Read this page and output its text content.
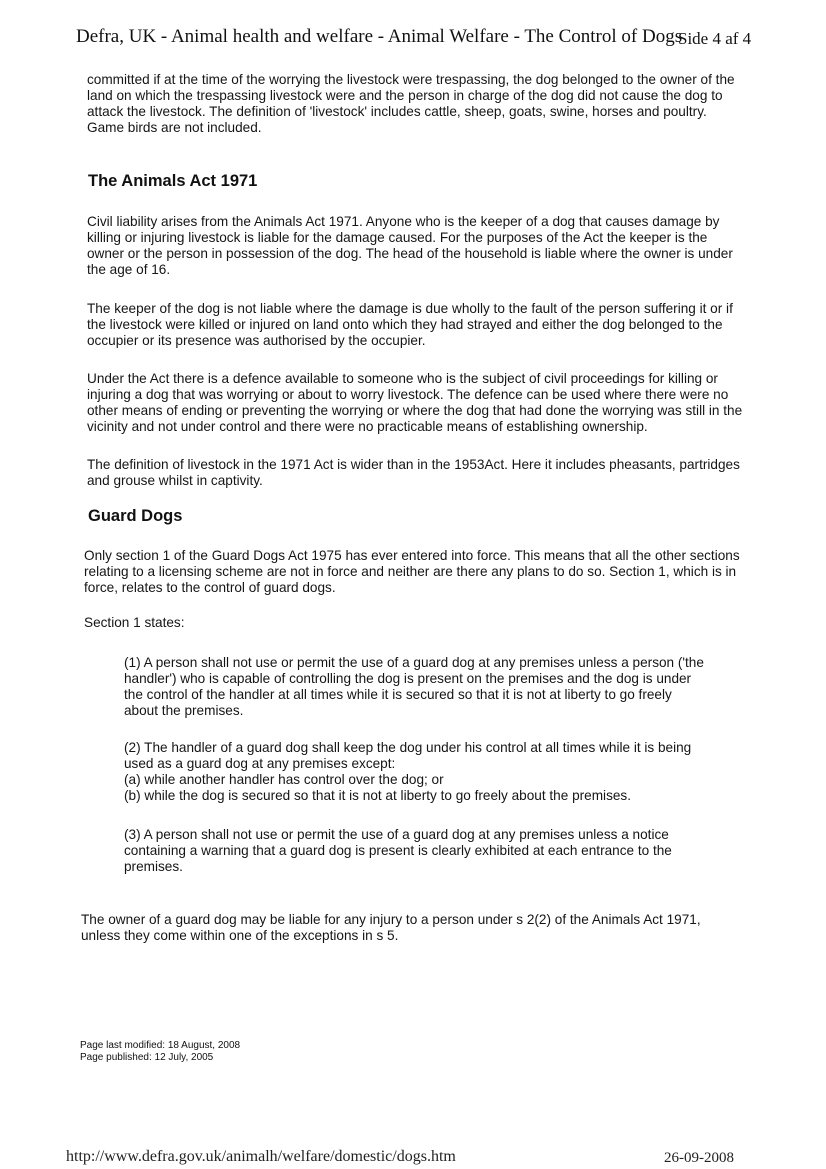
Defra, UK - Animal health and welfare - Animal Welfare - The Control of Dogs
Side 4 af 4

committed if at the time of the worrying the livestock were trespassing, the dog belonged to the owner of the land on which the trespassing livestock were and the person in charge of the dog did not cause the dog to attack the livestock. The definition of 'livestock' includes cattle, sheep, goats, swine, horses and poultry. Game birds are not included.

The Animals Act 1971

Civil liability arises from the Animals Act 1971. Anyone who is the keeper of a dog that causes damage by killing or injuring livestock is liable for the damage caused. For the purposes of the Act the keeper is the owner or the person in possession of the dog. The head of the household is liable where the owner is under the age of 16.

The keeper of the dog is not liable where the damage is due wholly to the fault of the person suffering it or if the livestock were killed or injured on land onto which they had strayed and either the dog belonged to the occupier or its presence was authorised by the occupier.

Under the Act there is a defence available to someone who is the subject of civil proceedings for killing or injuring a dog that was worrying or about to worry livestock. The defence can be used where there were no other means of ending or preventing the worrying or where the dog that had done the worrying was still in the vicinity and not under control and there were no practicable means of establishing ownership.

The definition of livestock in the 1971 Act is wider than in the 1953Act. Here it includes pheasants, partridges and grouse whilst in captivity.

Guard Dogs

Only section 1 of the Guard Dogs Act 1975 has ever entered into force. This means that all the other sections relating to a licensing scheme are not in force and neither are there any plans to do so. Section 1, which is in force, relates to the control of guard dogs.

Section 1 states:

(1) A person shall not use or permit the use of a guard dog at any premises unless a person ('the handler') who is capable of controlling the dog is present on the premises and the dog is under the control of the handler at all times while it is secured so that it is not at liberty to go freely about the premises.

(2) The handler of a guard dog shall keep the dog under his control at all times while it is being used as a guard dog at any premises except:
(a) while another handler has control over the dog; or
(b) while the dog is secured so that it is not at liberty to go freely about the premises.

(3) A person shall not use or permit the use of a guard dog at any premises unless a notice containing a warning that a guard dog is present is clearly exhibited at each entrance to the premises.

The owner of a guard dog may be liable for any injury to a person under s 2(2) of the Animals Act 1971, unless they come within one of the exceptions in s 5.

Page last modified: 18 August, 2008
Page published: 12 July, 2005
http://www.defra.gov.uk/animalh/welfare/domestic/dogs.htm	26-09-2008
